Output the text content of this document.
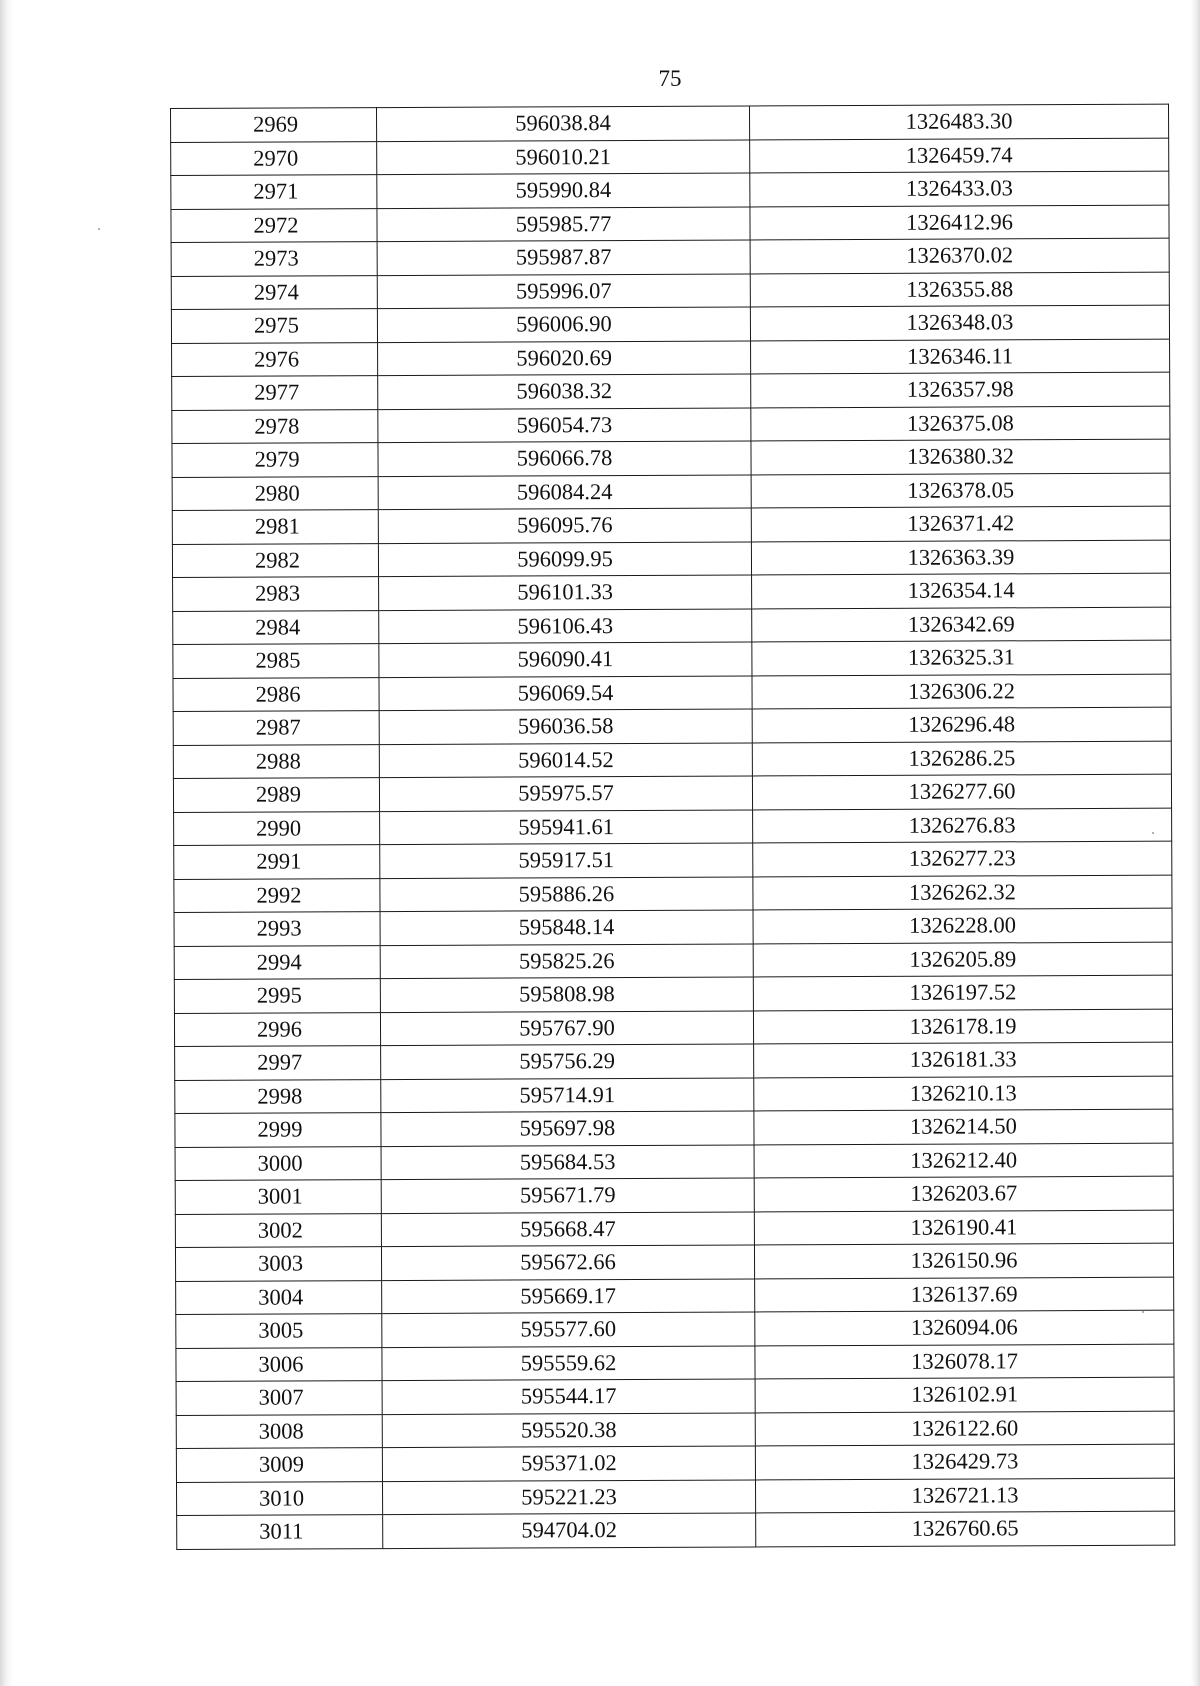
75
2969	596038.84	1326483.30
2970	596010.21	1326459.74
2971	595990.84	1326433.03
2972	595985.77	1326412.96
2973	595987.87	1326370.02
2974	595996.07	1326355.88
2975	596006.90	1326348.03
2976	596020.69	1326346.11
2977	596038.32	1326357.98
2978	596054.73	1326375.08
2979	596066.78	1326380.32
2980	596084.24	1326378.05
2981	596095.76	1326371.42
2982	596099.95	1326363.39
2983	596101.33	1326354.14
2984	596106.43	1326342.69
2985	596090.41	1326325.31
2986	596069.54	1326306.22
2987	596036.58	1326296.48
2988	596014.52	1326286.25
2989	595975.57	1326277.60
2990	595941.61	1326276.83
2991	595917.51	1326277.23
2992	595886.26	1326262.32
2993	595848.14	1326228.00
2994	595825.26	1326205.89
2995	595808.98	1326197.52
2996	595767.90	1326178.19
2997	595756.29	1326181.33
2998	595714.91	1326210.13
2999	595697.98	1326214.50
3000	595684.53	1326212.40
3001	595671.79	1326203.67
3002	595668.47	1326190.41
3003	595672.66	1326150.96
3004	595669.17	1326137.69
3005	595577.60	1326094.06
3006	595559.62	1326078.17
3007	595544.17	1326102.91
3008	595520.38	1326122.60
3009	595371.02	1326429.73
3010	595221.23	1326721.13
3011	594704.02	1326760.65
